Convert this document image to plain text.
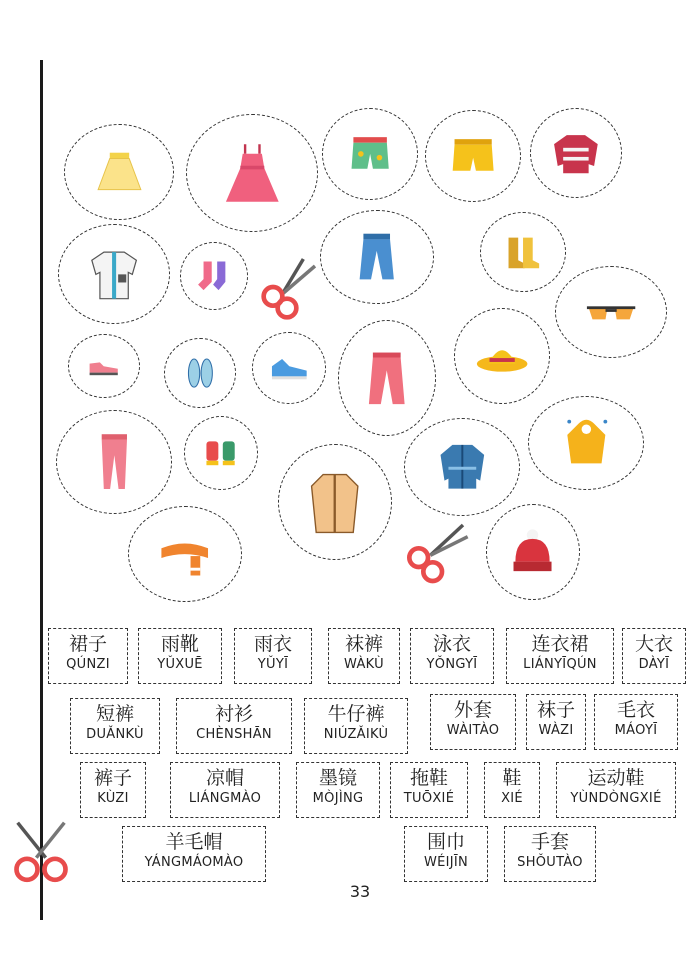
裙子
QÚNZI
雨靴
YǓXUĒ
雨衣
YǓYĪ
袜裤
WÀKÙ
泳衣
YǑNGYĪ
连衣裙
LIÁNYĪQÚN
大衣
DÀYĪ
短裤
DUǍNKÙ
衬衫
CHÈNSHĀN
牛仔裤
NIÚZǍIKÙ
外套
WÀITÀO
袜子
WÀZI
毛衣
MÁOYĪ
裤子
KÙZI
凉帽
LIÁNGMÀO
墨镜
MÒJÌNG
拖鞋
TUŌXIÉ
鞋
XIÉ
运动鞋
YÙNDÒNGXIÉ
羊毛帽
YÁNGMÁOMÀO
围巾
WÉIJĪN
手套
SHǑUTÀO
33
